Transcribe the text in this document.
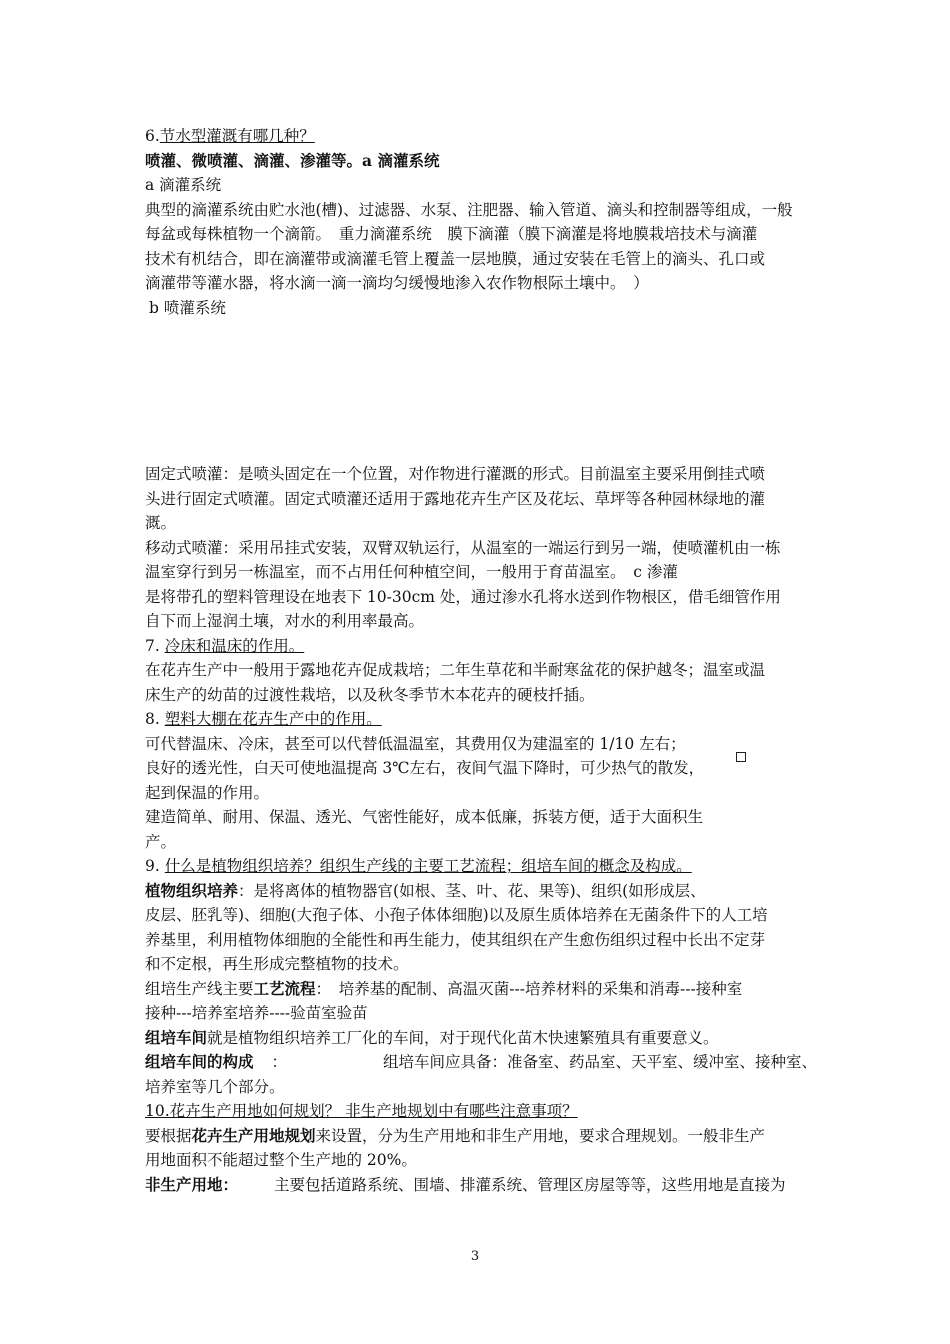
6.节水型灌溉有哪几种？
喷灌、微喷灌、滴灌、渗灌等。a 滴灌系统
a 滴灌系统
典型的滴灌系统由贮水池(槽)、过滤器、水泵、注肥器、输入管道、滴头和控制器等组成，一般
每盆或每株植物一个滴箭。　重力滴灌系统　膜下滴灌（膜下滴灌是将地膜栽培技术与滴灌
技术有机结合，即在滴灌带或滴灌毛管上覆盖一层地膜，通过安装在毛管上的滴头、孔口或
滴灌带等灌水器，将水滴一滴一滴均匀缓慢地渗入农作物根际土壤中。　）
b 喷灌系统
固定式喷灌：是喷头固定在一个位置，对作物进行灌溉的形式。目前温室主要采用倒挂式喷
头进行固定式喷灌。固定式喷灌还适用于露地花卉生产区及花坛、草坪等各种园林绿地的灌
溉。
移动式喷灌：采用吊挂式安装，双臂双轨运行，从温室的一端运行到另一端，使喷灌机由一栋
温室穿行到另一栋温室，而不占用任何种植空间，一般用于育苗温室。　c 渗灌
是将带孔的塑料管理设在地表下 10-30cm 处，通过渗水孔将水送到作物根区，借毛细管作用
自下而上湿润土壤，对水的利用率最高。
7. 冷床和温床的作用。
在花卉生产中一般用于露地花卉促成栽培；二年生草花和半耐寒盆花的保护越冬；温室或温
床生产的幼苗的过渡性栽培，以及秋冬季节木本花卉的硬枝扦插。
8. 塑料大棚在花卉生产中的作用。
可代替温床、冷床，甚至可以代替低温温室，其费用仅为建温室的 1/10 左右；
良好的透光性，白天可使地温提高 3℃左右，夜间气温下降时，可少热气的散发，
起到保温的作用。
建造简单、耐用、保温、透光、气密性能好，成本低廉，拆装方便，适于大面积生
产。
9. 什么是植物组织培养？组织生产线的主要工艺流程；组培车间的概念及构成。
植物组织培养：是将离体的植物器官(如根、茎、叶、花、果等)、组织(如形成层、
皮层、胚乳等)、细胞(大孢子体、小孢子体体细胞)以及原生质体培养在无菌条件下的人工培
养基里，利用植物体细胞的全能性和再生能力，使其组织在产生愈伤组织过程中长出不定芽
和不定根，再生形成完整植物的技术。
组培生产线主要工艺流程：　培养基的配制、高温灭菌---培养材料的采集和消毒---接种室
接种---培养室培养----验苗室验苗
组培车间就是植物组织培养工厂化的车间，对于现代化苗木快速繁殖具有重要意义。
组培车间的构成 ：	组培车间应具备：准备室、药品室、天平室、缓冲室、接种室、
培养室等几个部分。
10.花卉生产用地如何规划？ 非生产地规划中有哪些注意事项？
要根据花卉生产用地规划来设置，分为生产用地和非生产用地，要求合理规划。一般非生产
用地面积不能超过整个生产地的 20%。
非生产用地： 主要包括道路系统、围墙、排灌系统、管理区房屋等等，这些用地是直接为
3
